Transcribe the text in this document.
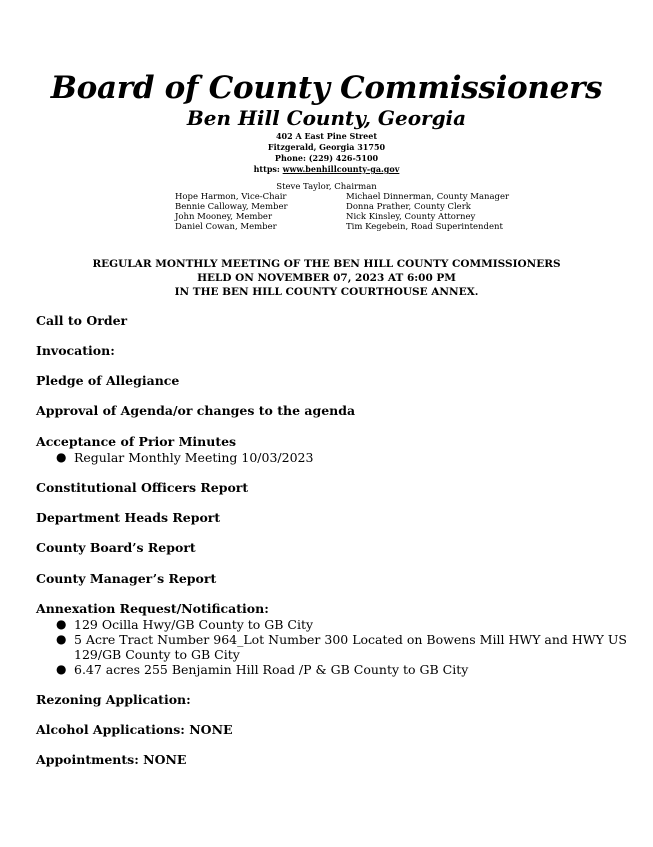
Board of County Commissioners
Ben Hill County, Georgia
402 A East Pine Street
Fitzgerald, Georgia 31750
Phone: (229) 426-5100
https: www.benhillcounty-ga.gov
Steve Taylor, Chairman
Hope Harmon, Vice-Chair
Bennie Calloway, Member
John Mooney, Member
Daniel Cowan, Member
Michael Dinnerman, County Manager
Donna Prather, County Clerk
Nick Kinsley, County Attorney
Tim Kegebein, Road Superintendent
REGULAR MONTHLY MEETING OF THE BEN HILL COUNTY COMMISSIONERS
HELD ON NOVEMBER 07, 2023 AT 6:00 PM
IN THE BEN HILL COUNTY COURTHOUSE ANNEX.
Call to Order
Invocation:
Pledge of Allegiance
Approval of Agenda/or changes to the agenda
Acceptance of Prior Minutes
● Regular Monthly Meeting 10/03/2023
Constitutional Officers Report
Department Heads Report
County Board’s Report
County Manager’s Report
Annexation Request/Notification:
● 129 Ocilla Hwy/GB County to GB City
● 5 Acre Tract Number 964_Lot Number 300 Located on Bowens Mill HWY and HWY US 129/GB County to GB City
● 6.47 acres 255 Benjamin Hill Road /P & GB County to GB City
Rezoning Application:
Alcohol Applications: NONE
Appointments: NONE
